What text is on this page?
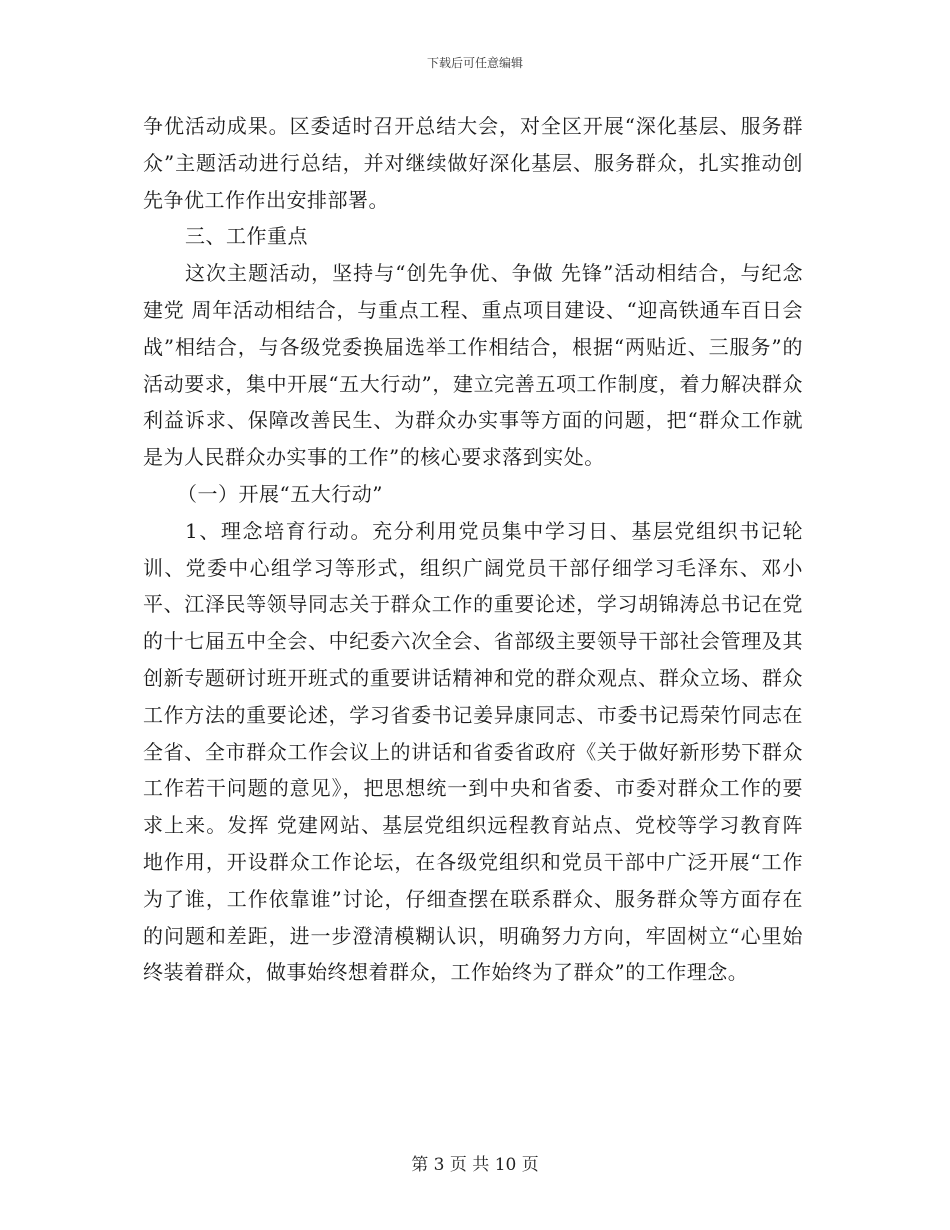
下载后可任意编辑

争优活动成果。区委适时召开总结大会，对全区开展“深化基层、服务群众”主题活动进行总结，并对继续做好深化基层、服务群众，扎实推动创先争优工作作出安排部署。

三、工作重点

这次主题活动，坚持与“创先争优、争做 先锋”活动相结合，与纪念建党 周年活动相结合，与重点工程、重点项目建设、“迎高铁通车百日会战”相结合，与各级党委换届选举工作相结合，根据“两贴近、三服务”的活动要求，集中开展“五大行动”，建立完善五项工作制度，着力解决群众利益诉求、保障改善民生、为群众办实事等方面的问题，把“群众工作就是为人民群众办实事的工作”的核心要求落到实处。

（一）开展“五大行动”

1、理念培育行动。充分利用党员集中学习日、基层党组织书记轮训、党委中心组学习等形式，组织广阔党员干部仔细学习毛泽东、邓小平、江泽民等领导同志关于群众工作的重要论述，学习胡锦涛总书记在党的十七届五中全会、中纪委六次全会、省部级主要领导干部社会管理及其创新专题研讨班开班式的重要讲话精神和党的群众观点、群众立场、群众工作方法的重要论述，学习省委书记姜异康同志、市委书记焉荣竹同志在全省、全市群众工作会议上的讲话和省委省政府《关于做好新形势下群众工作若干问题的意见》，把思想统一到中央和省委、市委对群众工作的要求上来。发挥 党建网站、基层党组织远程教育站点、党校等学习教育阵地作用，开设群众工作论坛，在各级党组织和党员干部中广泛开展“工作为了谁，工作依靠谁”讨论，仔细查摆在联系群众、服务群众等方面存在的问题和差距，进一步澄清模糊认识，明确努力方向，牢固树立“心里始终装着群众，做事始终想着群众，工作始终为了群众”的工作理念。

第 3 页 共 10 页
